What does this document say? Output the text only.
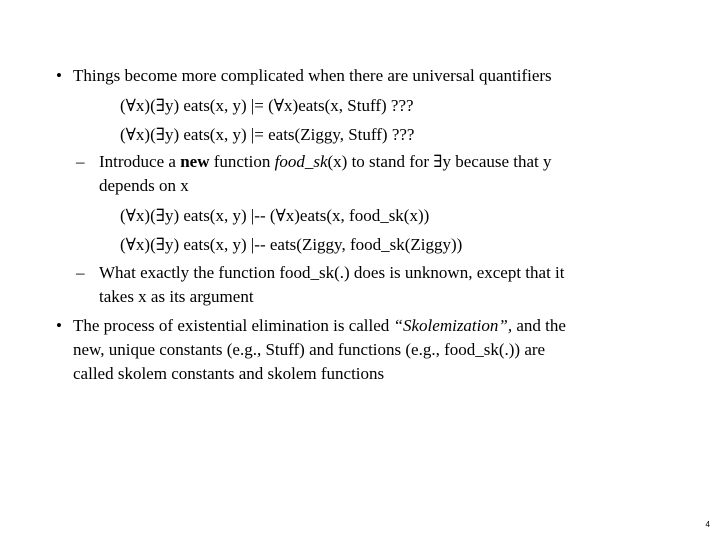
• Things become more complicated when there are universal quantifiers
(∀x)(∃y) eats(x, y) |= (∀x)eats(x, Stuff) ???
(∀x)(∃y) eats(x, y) |= eats(Ziggy, Stuff) ???
– Introduce a new function food_sk(x) to stand for ∃y because that y
depends on x
(∀x)(∃y) eats(x, y) |-- (∀x)eats(x, food_sk(x))
(∀x)(∃y) eats(x, y) |-- eats(Ziggy, food_sk(Ziggy))
– What exactly the function food_sk(.) does is unknown, except that it
takes x as its argument
• The process of existential elimination is called “Skolemization”, and the
new, unique constants (e.g., Stuff) and functions (e.g., food_sk(.)) are
called skolem constants and skolem functions
4
